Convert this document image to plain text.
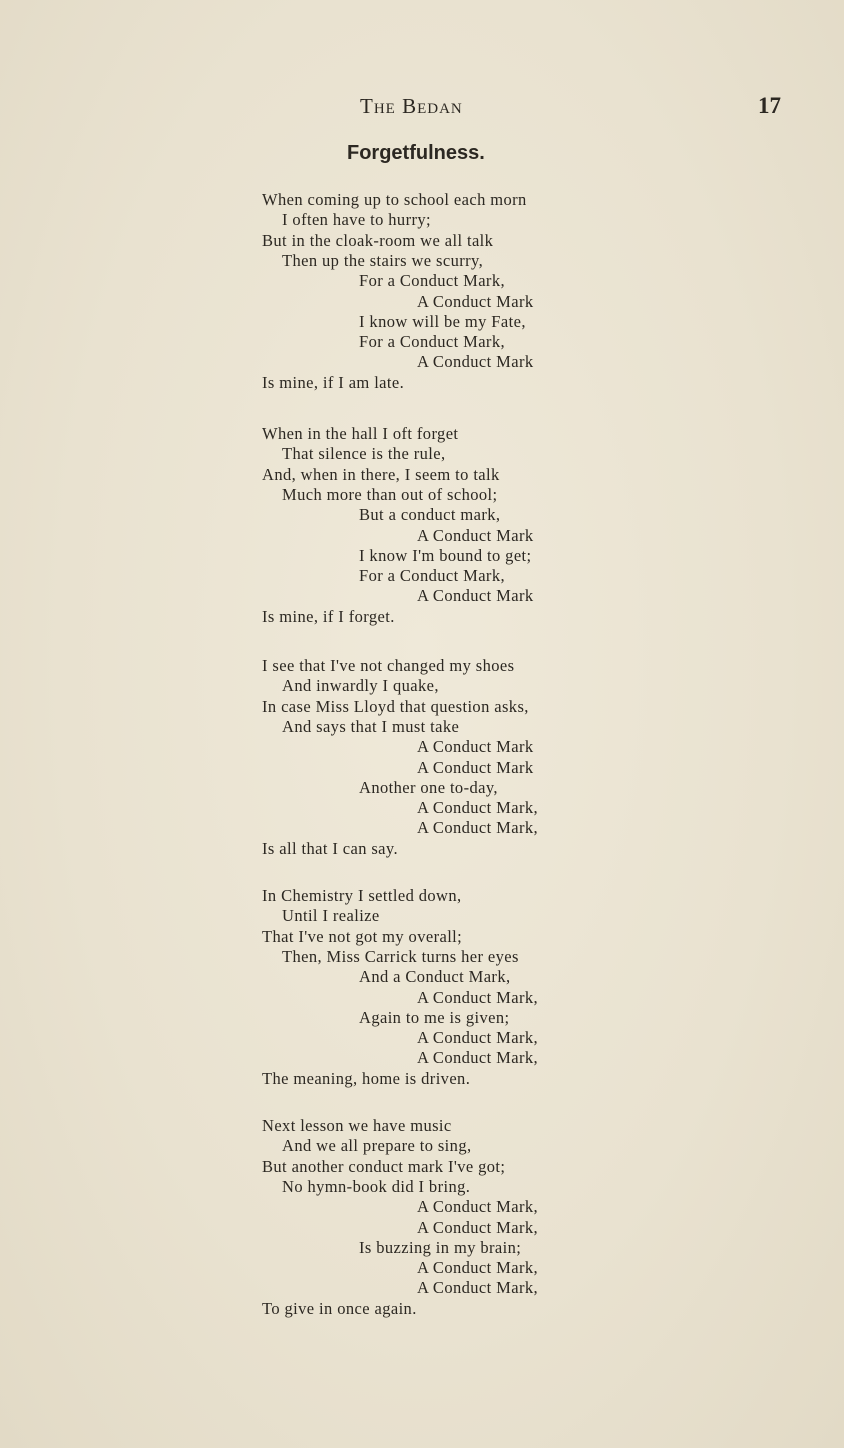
The Bedan	17
Forgetfulness.
When coming up to school each morn
I often have to hurry;
But in the cloak-room we all talk
Then up the stairs we scurry,
For a Conduct Mark,
A Conduct Mark
I know will be my Fate,
For a Conduct Mark,
A Conduct Mark
Is mine, if I am late.
When in the hall I oft forget
That silence is the rule,
And, when in there, I seem to talk
Much more than out of school;
But a conduct mark,
A Conduct Mark
I know I'm bound to get;
For a Conduct Mark,
A Conduct Mark
Is mine, if I forget.
I see that I've not changed my shoes
And inwardly I quake,
In case Miss Lloyd that question asks,
And says that I must take
A Conduct Mark
A Conduct Mark
Another one to-day,
A Conduct Mark,
A Conduct Mark,
Is all that I can say.
In Chemistry I settled down,
Until I realize
That I've not got my overall;
Then, Miss Carrick turns her eyes
And a Conduct Mark,
A Conduct Mark,
Again to me is given;
A Conduct Mark,
A Conduct Mark,
The meaning, home is driven.
Next lesson we have music
And we all prepare to sing,
But another conduct mark I've got;
No hymn-book did I bring.
A Conduct Mark,
A Conduct Mark,
Is buzzing in my brain;
A Conduct Mark,
A Conduct Mark,
To give in once again.
